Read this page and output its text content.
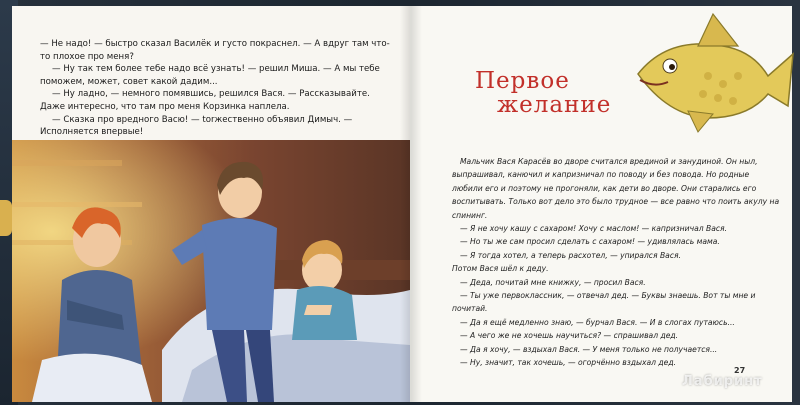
— Не надо! — быстро сказал Василёк и густо покраснел. — А вдруг там что-то плохое про меня?

— Ну так тем более тебе надо всё узнать! — решил Миша. — А мы тебе поможем, может, совет какой дадим...

— Ну ладно, — немного помявшись, решился Вася. — Рассказывайте. Даже интересно, что там про меня Корзинка наплела.

— Сказка про вредного Васю! — torжественно объявил Димыч. — Исполняется впервые!

Первое
желание

Мальчик Вася Карасёв во дворе считался врединой и занудиной. Он ныл, выпрашивал, канючил и капризничал по поводу и без повода. Но родные любили его и поэтому не прогоняли, как дети во дворе. Они старались его воспитывать. Только вот дело это было трудное — все равно что поить акулу на спининг.

— Я не хочу кашу с сахаром! Хочу с маслом! — капризничал Вася.

— Но ты же сам просил сделать с сахаром! — удивлялась мама.

— Я тогда хотел, а теперь расхотел, — упирался Вася.

Потом Вася шёл к деду.

— Деда, почитай мне книжку, — просил Вася.

— Ты уже первоклассник, — отвечал дед. — Буквы знаешь. Вот ты мне и почитай.

— Да я ещё медленно знаю, — бурчал Вася. — И в слогах путаюсь...

— А чего же не хочешь научиться? — спрашивал дед.

— Да я хочу, — вздыхал Вася. — У меня только не получается...

— Ну, значит, так хочешь, — огорчённо вздыхал дед.

27
Лабиринт
